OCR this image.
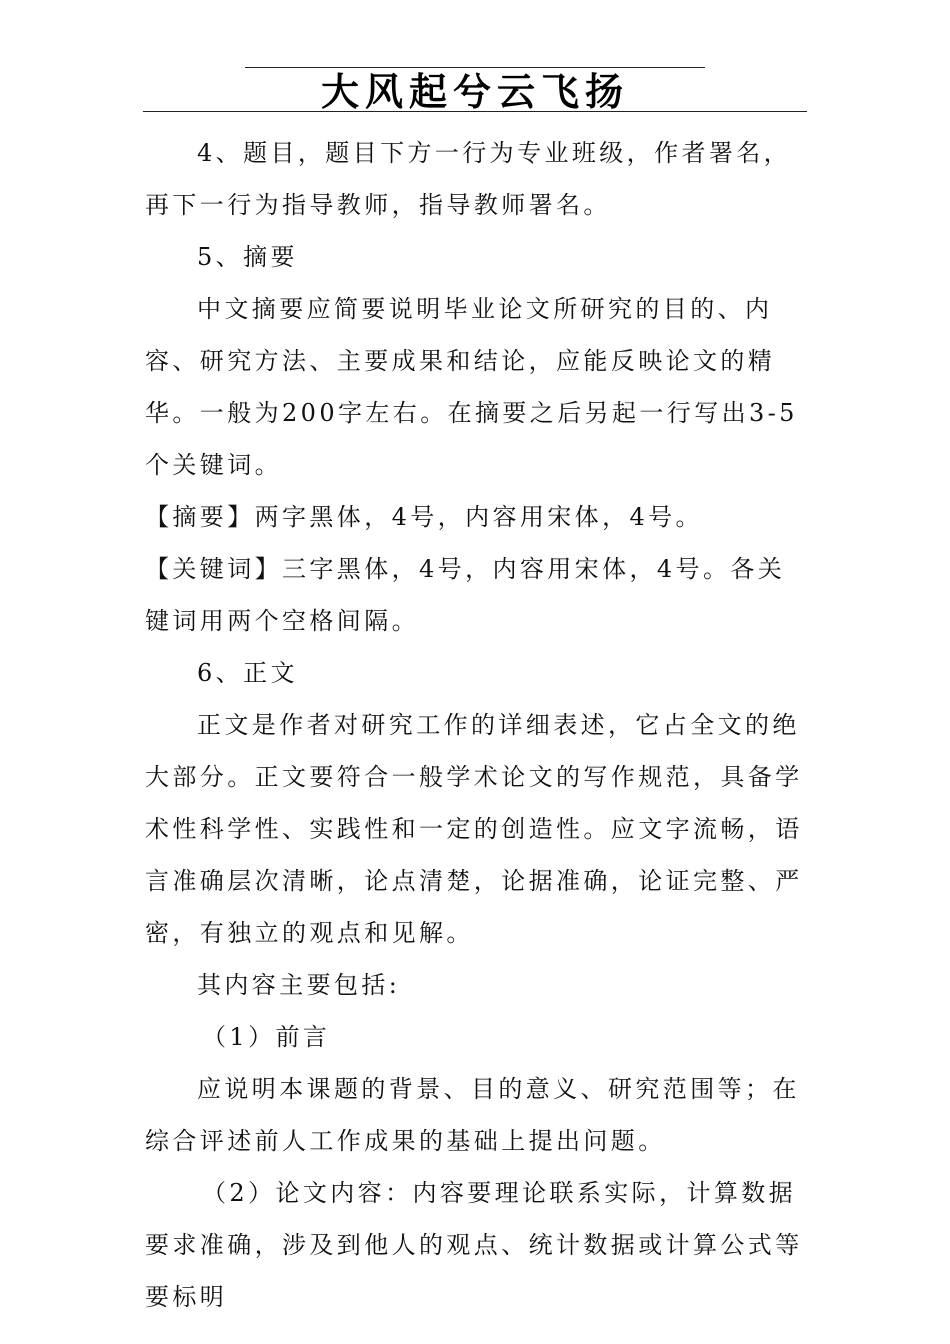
大风起兮云飞扬

4、题目，题目下方一行为专业班级，作者署名，再下一行为指导教师，指导教师署名。

5、摘要

中文摘要应简要说明毕业论文所研究的目的、内容、研究方法、主要成果和结论，应能反映论文的精华。一般为200字左右。在摘要之后另起一行写出3-5个关键词。

【摘要】两字黑体，4号，内容用宋体，4号。

【关键词】三字黑体，4号，内容用宋体，4号。各关键词用两个空格间隔。

6、正文

正文是作者对研究工作的详细表述，它占全文的绝大部分。正文要符合一般学术论文的写作规范，具备学术性科学性、实践性和一定的创造性。应文字流畅，语言准确层次清晰，论点清楚，论据准确，论证完整、严密，有独立的观点和见解。

其内容主要包括:

（1）前言

应说明本课题的背景、目的意义、研究范围等；在综合评述前人工作成果的基础上提出问题。

（2）论文内容：内容要理论联系实际，计算数据要求准确，涉及到他人的观点、统计数据或计算公式等要标明
